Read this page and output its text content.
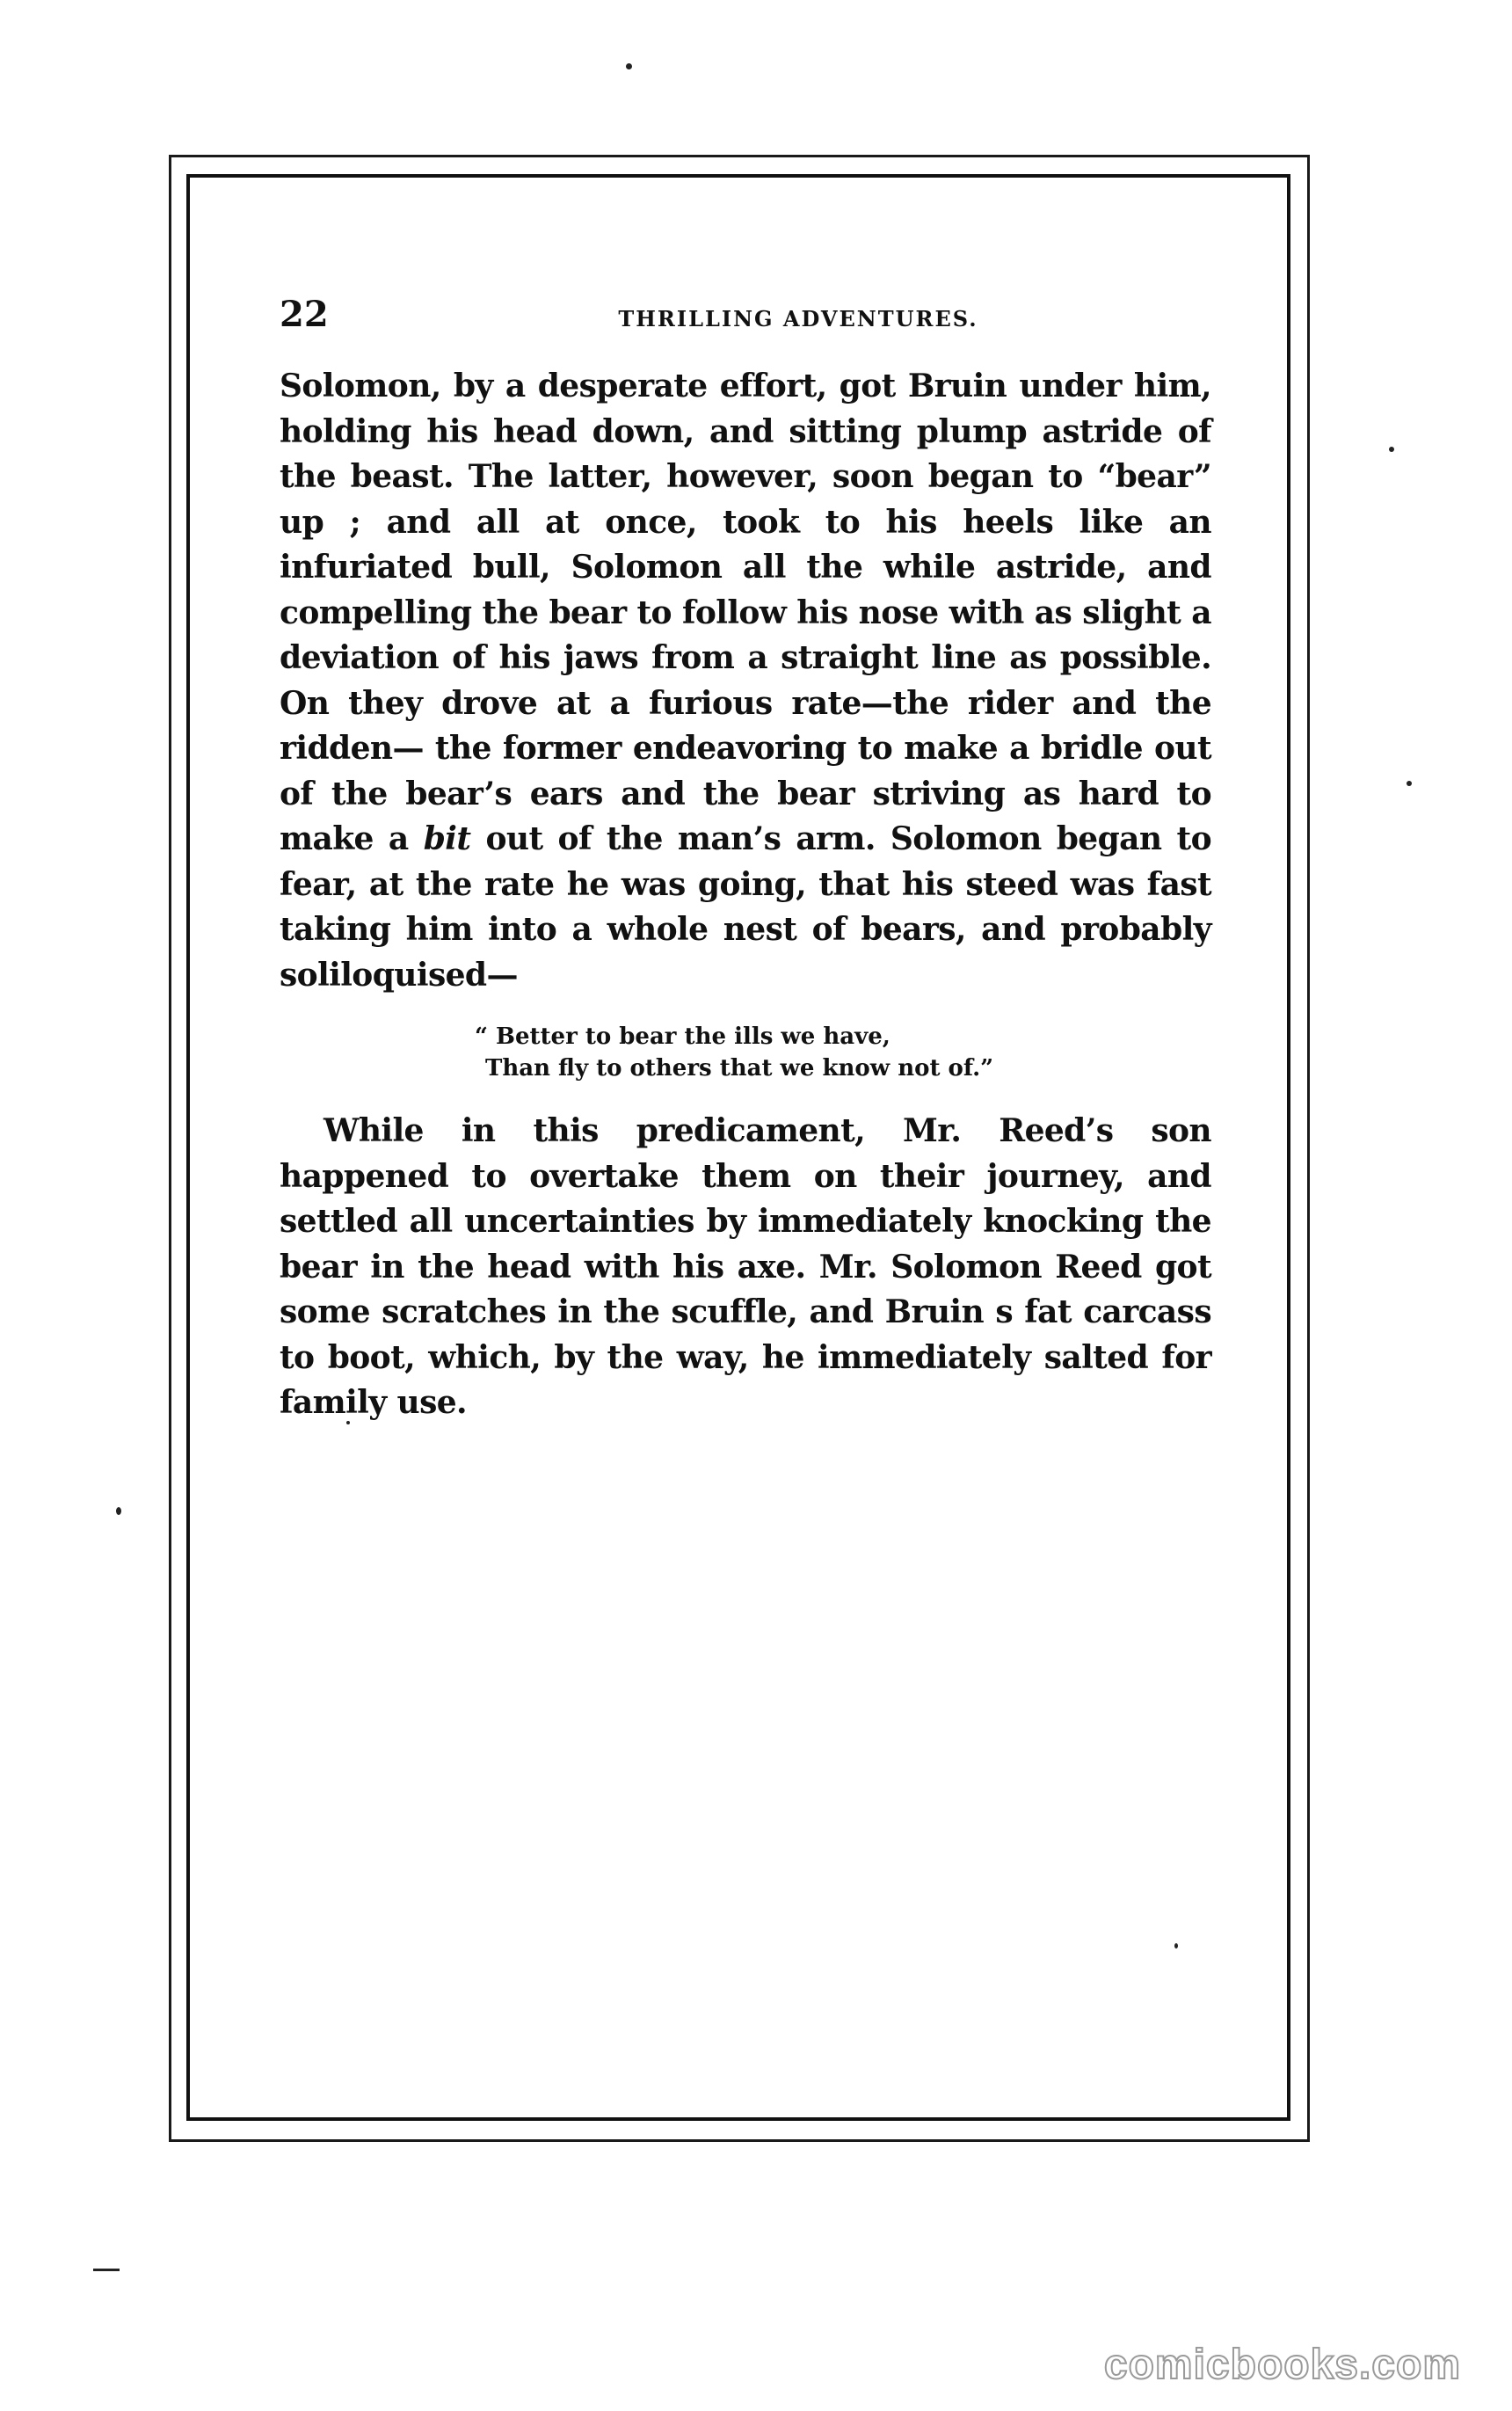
22	THRILLING ADVENTURES.

Solomon, by a desperate effort, got Bruin under him, holding his head down, and sitting plump astride of the beast. The latter, however, soon began to “bear” up ; and all at once, took to his heels like an infuriated bull, Solomon all the while astride, and compelling the bear to follow his nose with as slight a deviation of his jaws from a straight line as possible. On they drove at a furious rate—the rider and the ridden— the former endeavoring to make a bridle out of the bear’s ears and the bear striving as hard to make a bit out of the man’s arm. Solomon began to fear, at the rate he was going, that his steed was fast taking him into a whole nest of bears, and probably soliloquised—

“ Better to bear the ills we have,
Than fly to others that we know not of.”

While in this predicament, Mr. Reed’s son happened to overtake them on their journey, and settled all uncertainties by immediately knocking the bear in the head with his axe. Mr. Solomon Reed got some scratches in the scuffle, and Bruin s fat carcass to boot, which, by the way, he immediately salted for family use.

comicbooks.com
